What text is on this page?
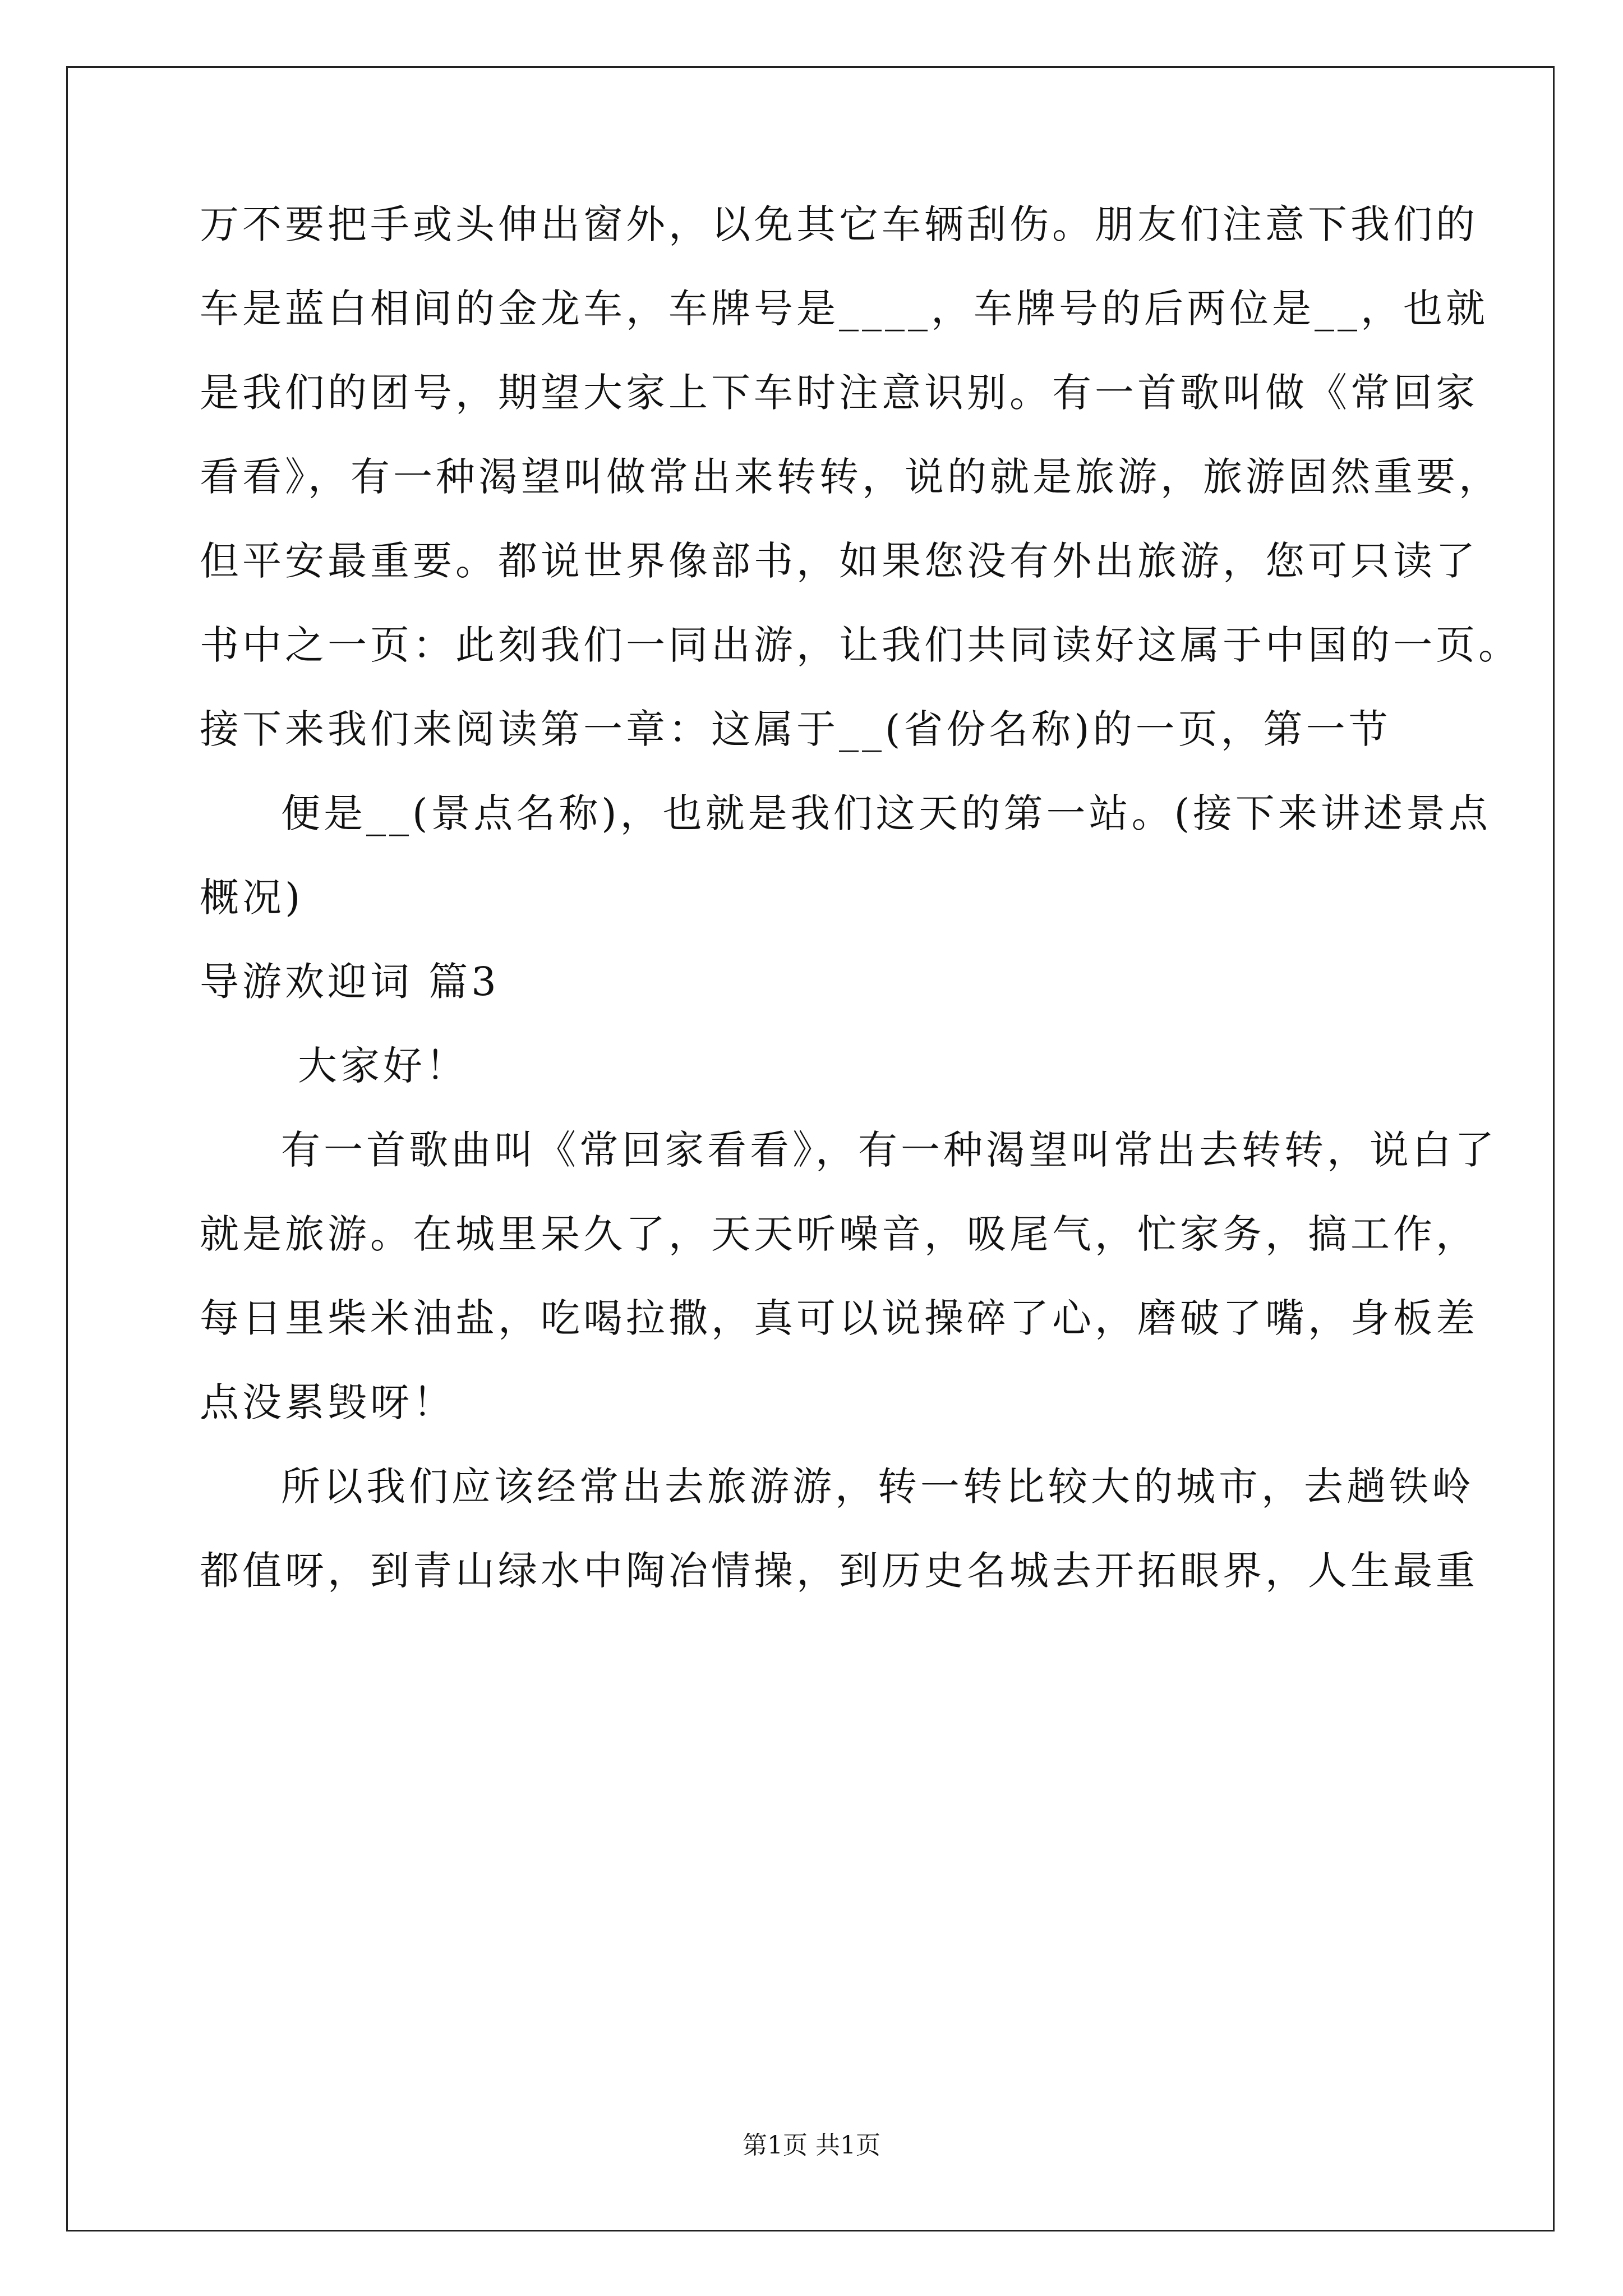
万不要把手或头伸出窗外，以免其它车辆刮伤。朋友们注意下我们的
车是蓝白相间的金龙车，车牌号是____，车牌号的后两位是__，也就
是我们的团号，期望大家上下车时注意识别。有一首歌叫做《常回家
看看》，有一种渴望叫做常出来转转，说的就是旅游，旅游固然重要，
但平安最重要。都说世界像部书，如果您没有外出旅游，您可只读了
书中之一页：此刻我们一同出游，让我们共同读好这属于中国的一页。
接下来我们来阅读第一章：这属于__(省份名称)的一页，第一节
便是__(景点名称)，也就是我们这天的第一站。(接下来讲述景点
概况)
导游欢迎词 篇3
大家好！
有一首歌曲叫《常回家看看》，有一种渴望叫常出去转转，说白了
就是旅游。在城里呆久了，天天听噪音，吸尾气，忙家务，搞工作，
每日里柴米油盐，吃喝拉撒，真可以说操碎了心，磨破了嘴，身板差
点没累毁呀！
所以我们应该经常出去旅游游，转一转比较大的城市，去趟铁岭
都值呀，到青山绿水中陶冶情操，到历史名城去开拓眼界，人生最重
第1页 共1页
